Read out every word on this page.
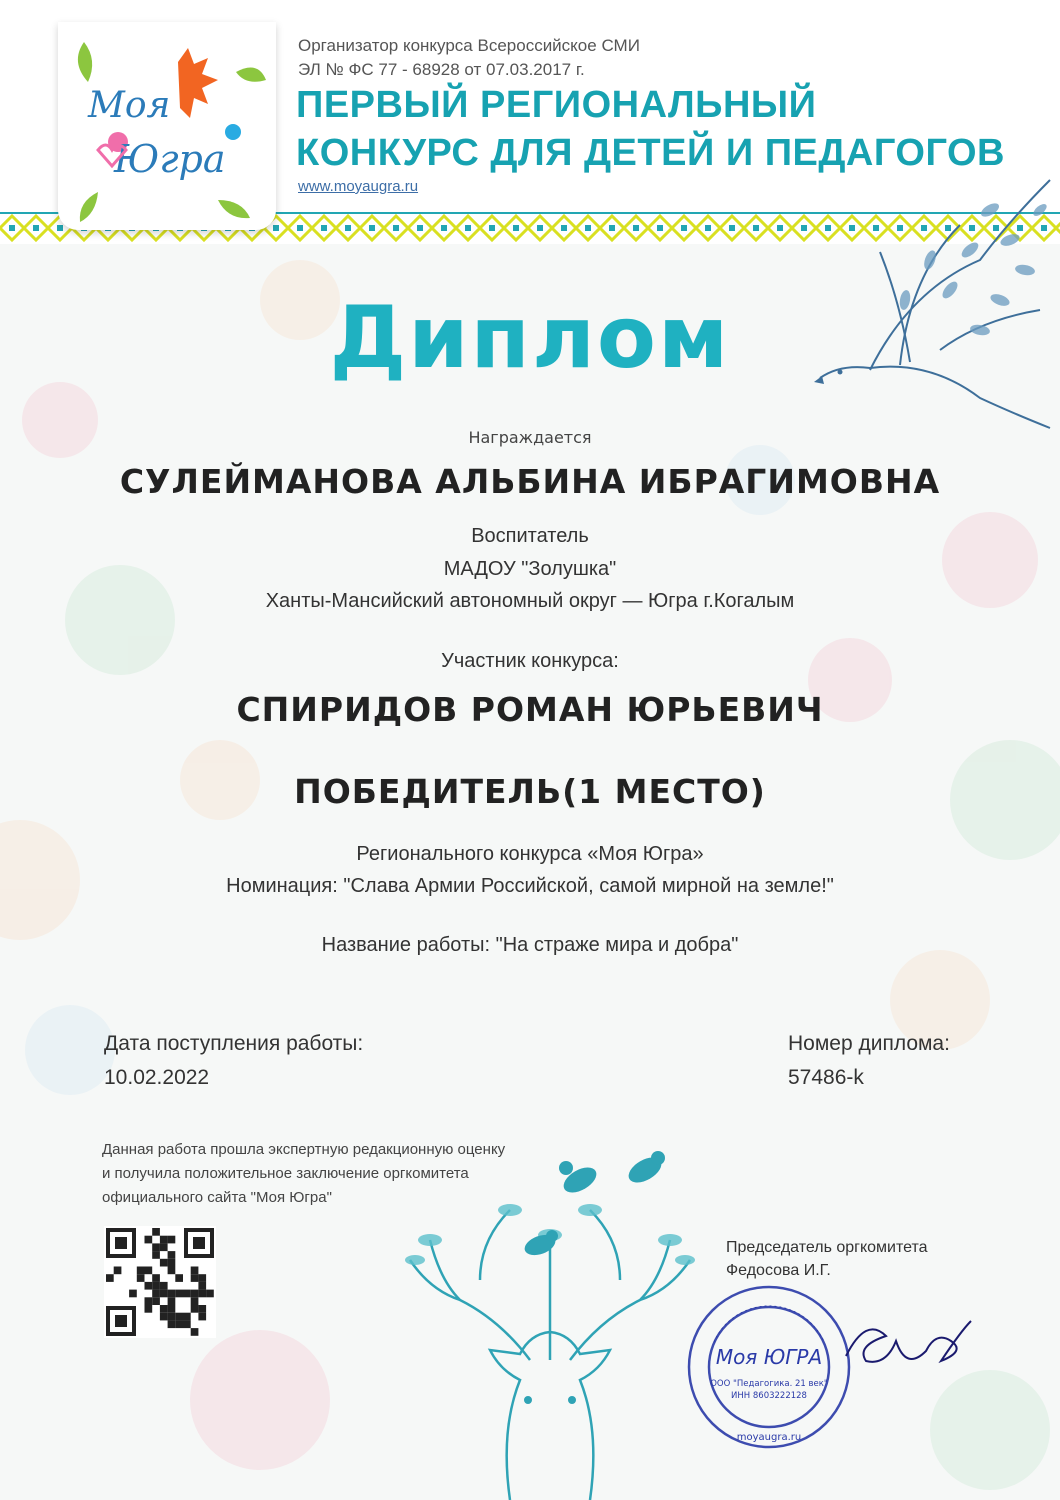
Моя
Югра
Организатор конкурса Всероссийское СМИ
ЭЛ № ФС 77 - 68928 от 07.03.2017 г.
ПЕРВЫЙ РЕГИОНАЛЬНЫЙ
КОНКУРС ДЛЯ ДЕТЕЙ И ПЕДАГОГОВ
www.moyaugra.ru
Диплом
Награждается
СУЛЕЙМАНОВА АЛЬБИНА ИБРАГИМОВНА
Воспитатель
МАДОУ "Золушка"
Ханты-Мансийский автономный округ — Югра г.Когалым
Участник конкурса:
СПИРИДОВ РОМАН ЮРЬЕВИЧ
ПОБЕДИТЕЛЬ(1 МЕСТО)
Регионального конкурса «Моя Югра»
Номинация: "Слава Армии Российской, самой мирной на земле!"
Название работы: "На страже мира и добра"
Дата поступления работы:
10.02.2022
Номер диплома:
57486-k
Данная работа прошла экспертную редакционную оценку
и получила положительное заключение оргкомитета
официального сайта "Моя Югра"
Председатель оргкомитета
Федосова И.Г.
Моя ЮГРА
ООО "Педагогика. 21 век"
ИНН 8603222128
moyaugra.ru
